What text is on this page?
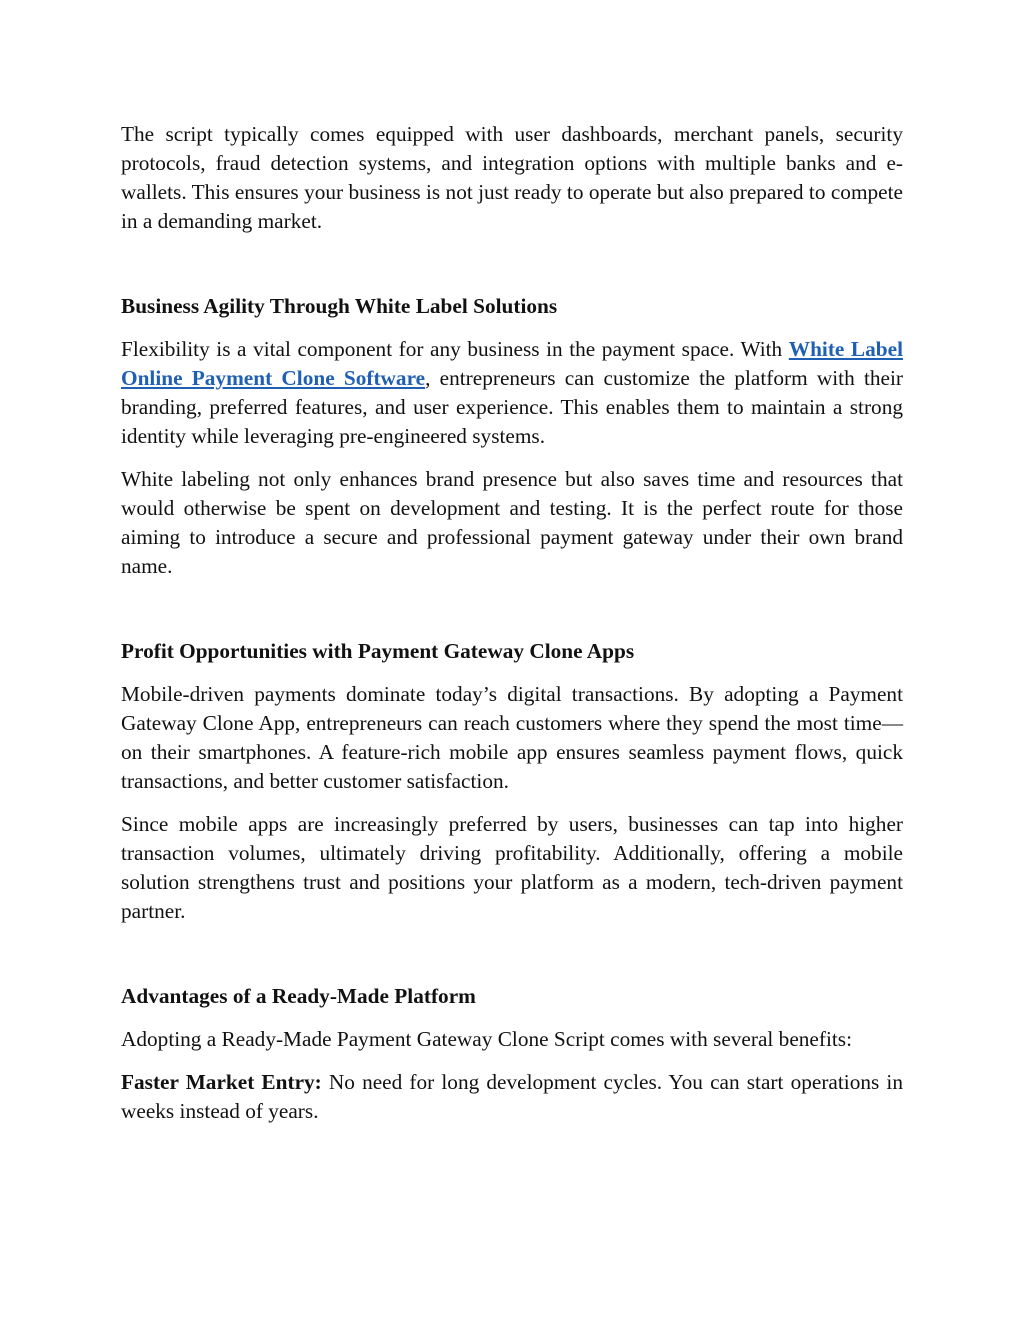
The script typically comes equipped with user dashboards, merchant panels, security protocols, fraud detection systems, and integration options with multiple banks and e-wallets. This ensures your business is not just ready to operate but also prepared to compete in a demanding market.

Business Agility Through White Label Solutions

Flexibility is a vital component for any business in the payment space. With White Label Online Payment Clone Software, entrepreneurs can customize the platform with their branding, preferred features, and user experience. This enables them to maintain a strong identity while leveraging pre-engineered systems.

White labeling not only enhances brand presence but also saves time and resources that would otherwise be spent on development and testing. It is the perfect route for those aiming to introduce a secure and professional payment gateway under their own brand name.

Profit Opportunities with Payment Gateway Clone Apps

Mobile-driven payments dominate today’s digital transactions. By adopting a Payment Gateway Clone App, entrepreneurs can reach customers where they spend the most time—on their smartphones. A feature-rich mobile app ensures seamless payment flows, quick transactions, and better customer satisfaction.

Since mobile apps are increasingly preferred by users, businesses can tap into higher transaction volumes, ultimately driving profitability. Additionally, offering a mobile solution strengthens trust and positions your platform as a modern, tech-driven payment partner.

Advantages of a Ready-Made Platform

Adopting a Ready-Made Payment Gateway Clone Script comes with several benefits:

Faster Market Entry: No need for long development cycles. You can start operations in weeks instead of years.
